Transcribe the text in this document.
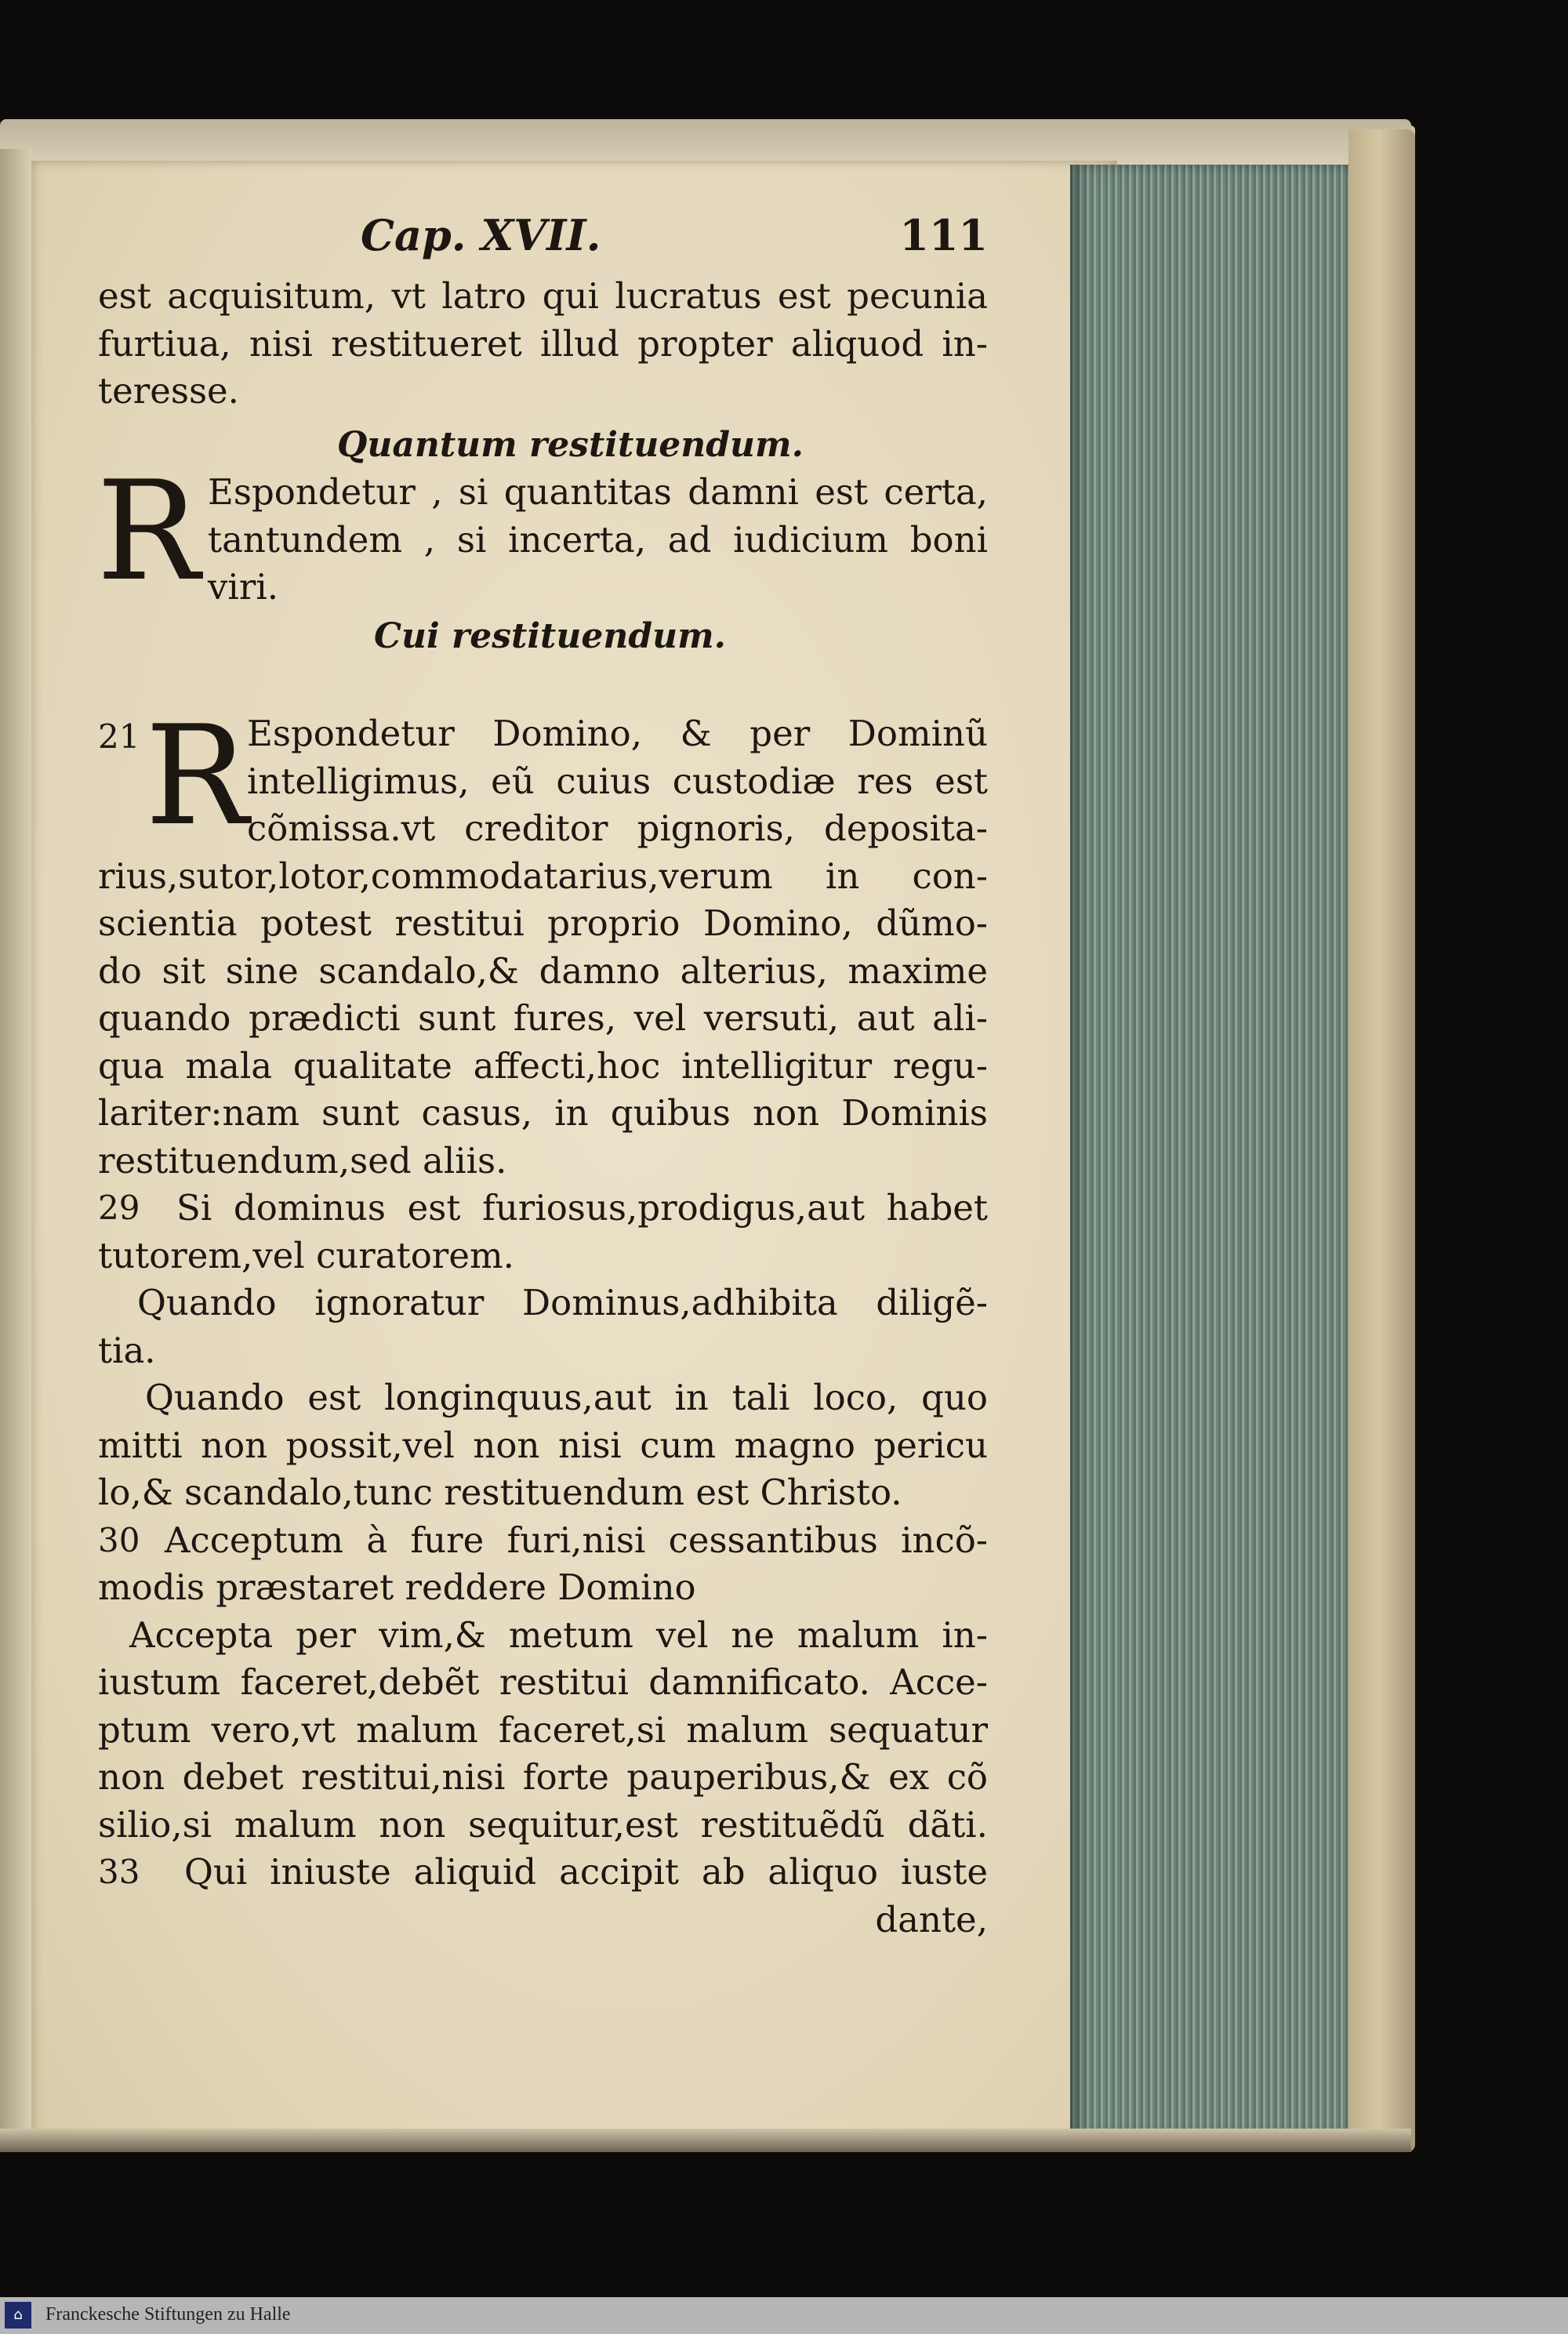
Cap. XVII.	111
est acquisitum, vt latro qui lucratus est pecunia
furtiua, nisi restitueret illud propter aliquod in-
teresse.
Quantum restituendum.
R Espondetur , si quantitas damni est certa,
tantundem , si incerta, ad iudicium boni
viri.
Cui restituendum.
21 R
Espondetur Domino, & per Dominũ
intelligimus, eũ cuius custodiæ res est
cõmissa.vt creditor pignoris, deposita-
rius,sutor,lotor,commodatarius,verum in con-
scientia potest restitui proprio Domino, dũmo-
do sit sine scandalo,& damno alterius, maxime
quando prædicti sunt fures, vel versuti, aut ali-
qua mala qualitate affecti,hoc intelligitur regu-
lariter:nam sunt casus, in quibus non Dominis
restituendum,sed aliis.
29	Si dominus est furiosus,prodigus,aut habet
tutorem,vel curatorem.
Quando ignoratur Dominus,adhibita diligẽ-
tia.
Quando est longinquus,aut in tali loco, quo
mitti non possit,vel non nisi cum magno pericu
lo,& scandalo,tunc restituendum est Christo.
30 Acceptum à fure furi,nisi cessantibus incõ-
modis præstaret reddere Domino
Accepta per vim,& metum vel ne malum in-
iustum faceret,debẽt restitui damnificato. Acce-
ptum vero,vt malum faceret,si malum sequatur
non debet restitui,nisi forte pauperibus,& ex cõ
silio,si malum non sequitur,est restituẽdũ dãti.
33	Qui iniuste aliquid accipit ab aliquo iuste
dante,
⌂	Franckesche Stiftungen zu Halle
